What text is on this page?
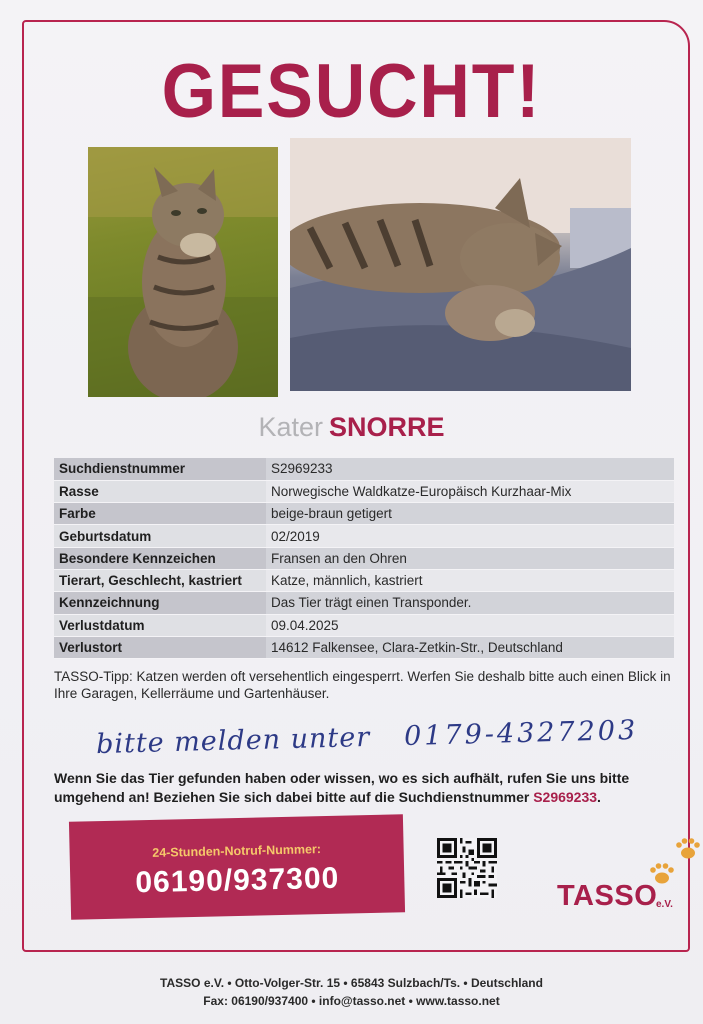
GESUCHT!
Kater SNORRE
Suchdienstnummer	S2969233
Rasse	Norwegische Waldkatze-Europäisch Kurzhaar-Mix
Farbe	beige-braun getigert
Geburtsdatum	02/2019
Besondere Kennzeichen	Fransen an den Ohren
Tierart, Geschlecht, kastriert	Katze, männlich, kastriert
Kennzeichnung	Das Tier trägt einen Transponder.
Verlustdatum	09.04.2025
Verlustort	14612 Falkensee, Clara-Zetkin-Str., Deutschland
TASSO-Tipp: Katzen werden oft versehentlich eingesperrt. Werfen Sie deshalb bitte auch einen Blick in Ihre Garagen, Kellerräume und Gartenhäuser.
bitte melden unter 0179-4327203
Wenn Sie das Tier gefunden haben oder wissen, wo es sich aufhält, rufen Sie uns bitte umgehend an! Beziehen Sie sich dabei bitte auf die Suchdienstnummer S2969233.
24-Stunden-Notruf-Nummer:
06190/937300	TASSO
e.V.
TASSO e.V. • Otto-Volger-Str. 15 • 65843 Sulzbach/Ts. • Deutschland
Fax: 06190/937400 • info@tasso.net • www.tasso.net
